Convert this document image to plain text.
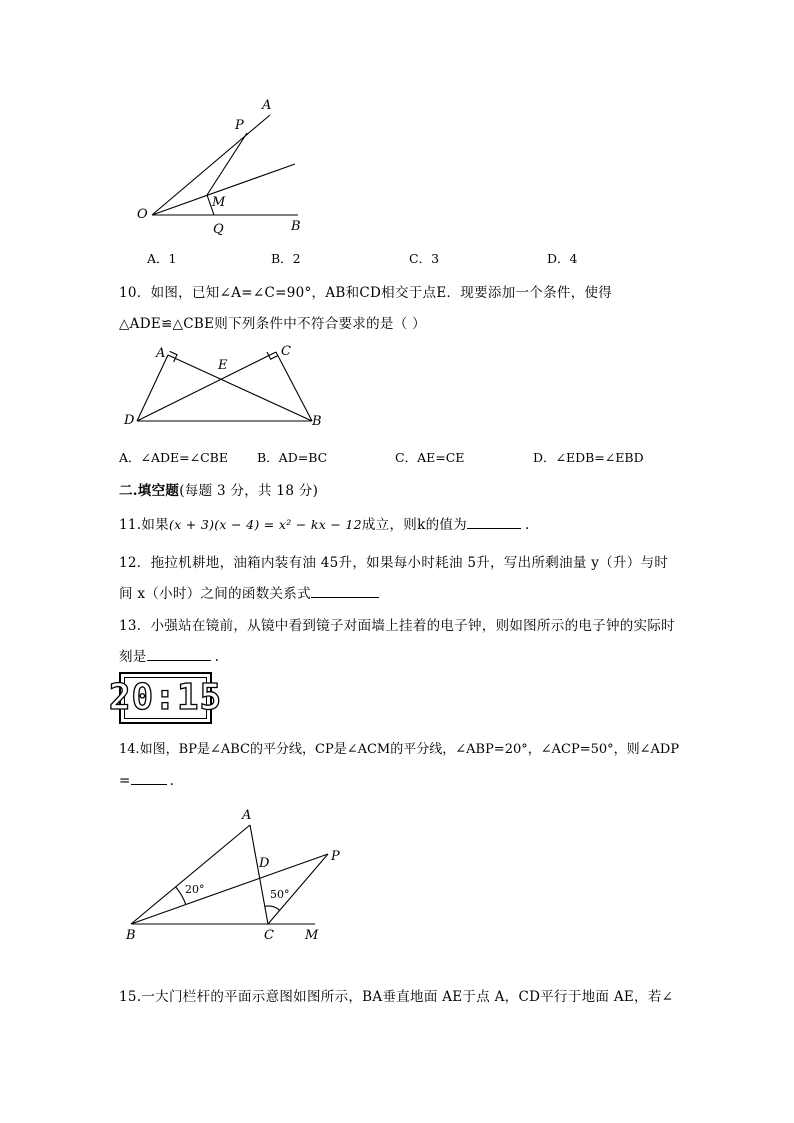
A
P
O
M
Q	B
A．1	B．2	C．3	D．4
10．如图，已知∠A=∠C=90°，AB和CD相交于点E．现要添加一个条件，使得
△ADE≌△CBE则下列条件中不符合要求的是（ ）
A	C
E
D	B
A．∠ADE=∠CBE B．AD=BC	C．AE=CE	D．∠EDB=∠EBD
二.填空题(每题 3 分，共 18 分)
11.如果(x + 3)(x − 4) = x² − kx − 12成立，则k的值为	.
12．拖拉机耕地，油箱内装有油 45升，如果每小时耗油 5升，写出所剩油量 y（升）与时
间 x（小时）之间的函数关系式
13．小强站在镜前，从镜中看到镜子对面墙上挂着的电子钟，则如图所示的电子钟的实际时
刻是	.
20:15
14.如图，BP是∠ABC的平分线，CP是∠ACM的平分线，∠ABP=20°，∠ACP=50°，则∠ADP
=	.
A
D	P
B	C M
20°	50°
15.一大门栏杆的平面示意图如图所示，BA垂直地面 AE于点 A，CD平行于地面 AE，若∠
